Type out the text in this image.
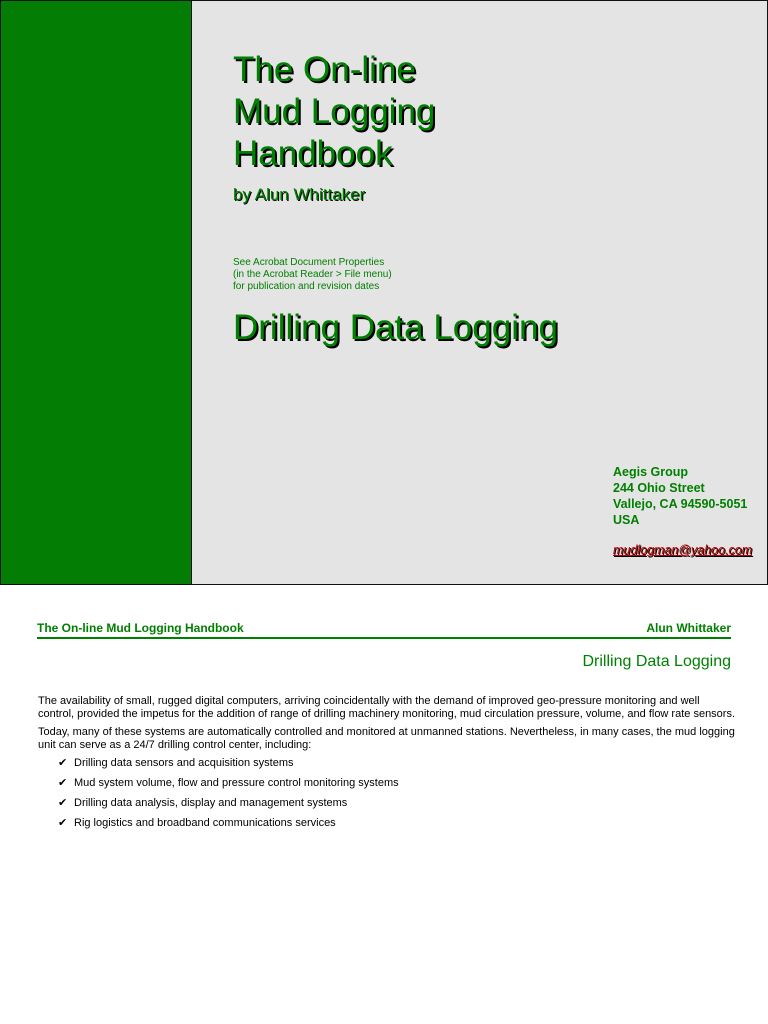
The On-line
Mud Logging
Handbook
by Alun Whittaker
See Acrobat Document Properties
(in the Acrobat Reader > File menu)
for publication and revision dates
Drilling Data Logging
Aegis Group
244 Ohio Street
Vallejo, CA 94590-5051
USA
mudlogman@yahoo.com
The On-line Mud Logging Handbook	Alun Whittaker
Drilling Data Logging

The availability of small, rugged digital computers, arriving coincidentally with the demand of improved geo-pressure monitoring and well control, provided the impetus for the addition of range of drilling machinery monitoring, mud circulation pressure, volume, and flow rate sensors.

Today, many of these systems are automatically controlled and monitored at unmanned stations. Nevertheless, in many cases, the mud logging unit can serve as a 24/7 drilling control center, including:

✔ Drilling data sensors and acquisition systems
✔ Mud system volume, flow and pressure control monitoring systems
✔ Drilling data analysis, display and management systems
✔ Rig logistics and broadband communications services
